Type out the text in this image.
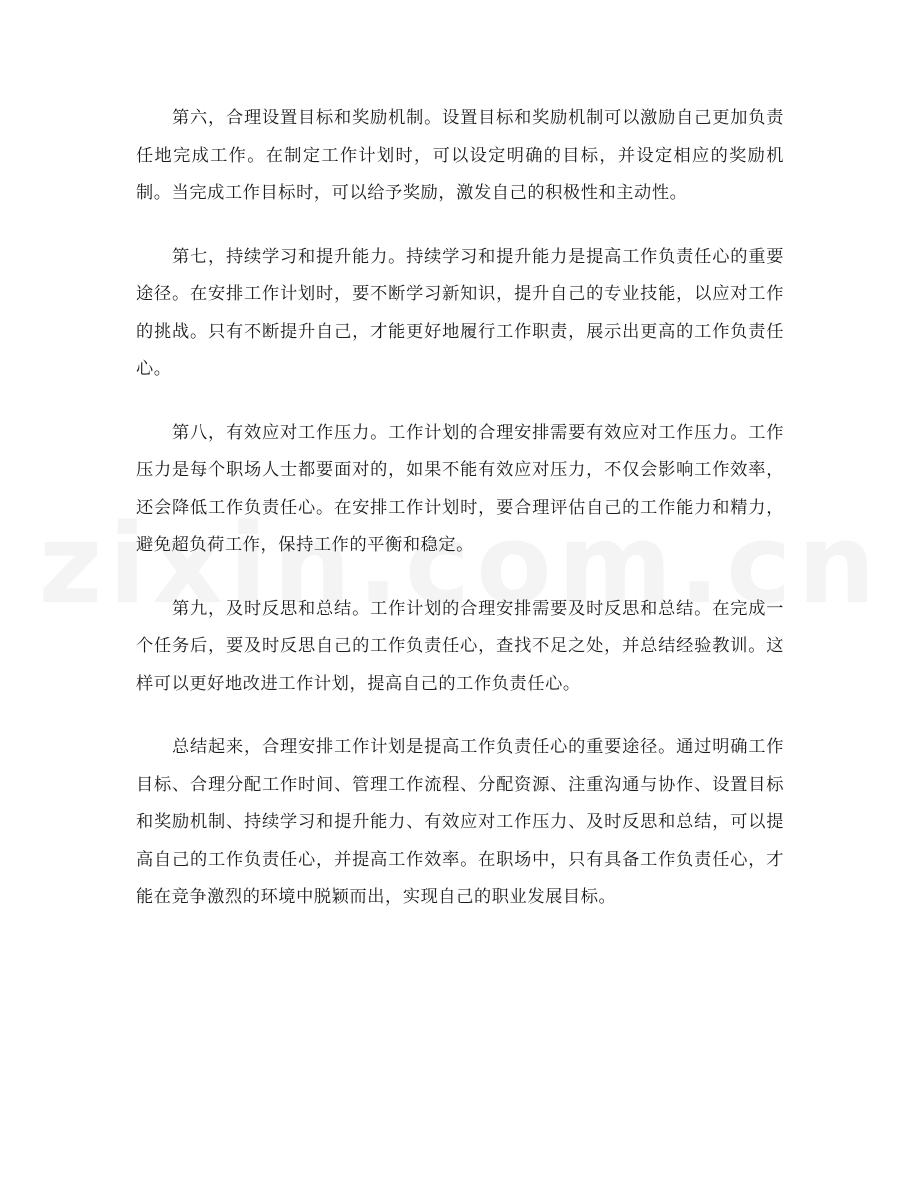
第六，合理设置目标和奖励机制。设置目标和奖励机制可以激励自己更加负责任地完成工作。在制定工作计划时，可以设定明确的目标，并设定相应的奖励机制。当完成工作目标时，可以给予奖励，激发自己的积极性和主动性。

第七，持续学习和提升能力。持续学习和提升能力是提高工作负责任心的重要途径。在安排工作计划时，要不断学习新知识，提升自己的专业技能，以应对工作的挑战。只有不断提升自己，才能更好地履行工作职责，展示出更高的工作负责任心。

第八，有效应对工作压力。工作计划的合理安排需要有效应对工作压力。工作压力是每个职场人士都要面对的，如果不能有效应对压力，不仅会影响工作效率，还会降低工作负责任心。在安排工作计划时，要合理评估自己的工作能力和精力，避免超负荷工作，保持工作的平衡和稳定。

第九，及时反思和总结。工作计划的合理安排需要及时反思和总结。在完成一个任务后，要及时反思自己的工作负责任心，查找不足之处，并总结经验教训。这样可以更好地改进工作计划，提高自己的工作负责任心。

总结起来，合理安排工作计划是提高工作负责任心的重要途径。通过明确工作目标、合理分配工作时间、管理工作流程、分配资源、注重沟通与协作、设置目标和奖励机制、持续学习和提升能力、有效应对工作压力、及时反思和总结，可以提高自己的工作负责任心，并提高工作效率。在职场中，只有具备工作负责任心，才能在竞争激烈的环境中脱颖而出，实现自己的职业发展目标。
